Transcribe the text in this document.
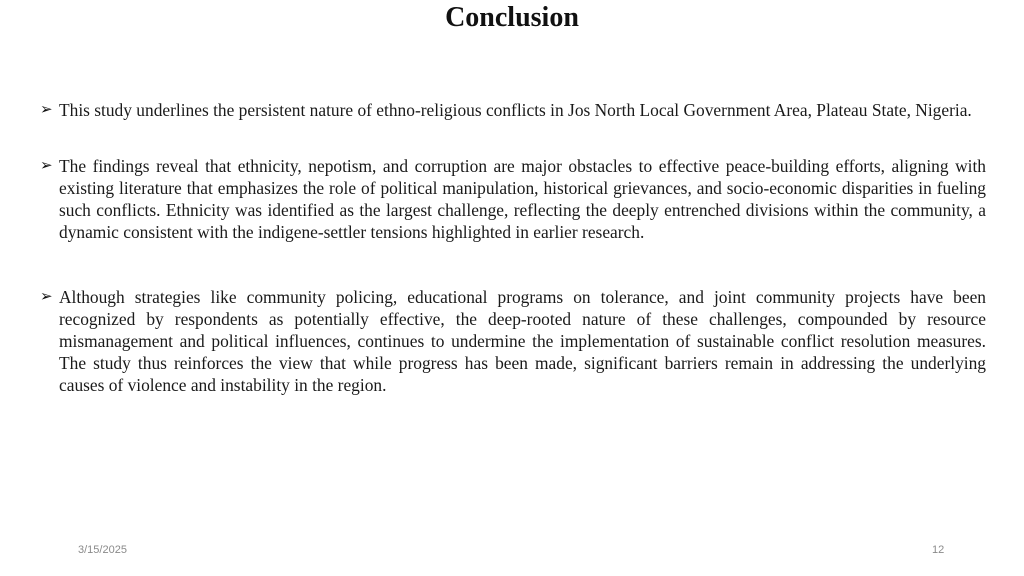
Conclusion
➢ This study underlines the persistent nature of ethno-religious conflicts in Jos North Local Government Area, Plateau State, Nigeria.
➢ The findings reveal that ethnicity, nepotism, and corruption are major obstacles to effective peace-building efforts, aligning with existing literature that emphasizes the role of political manipulation, historical grievances, and socio-economic disparities in fueling such conflicts. Ethnicity was identified as the largest challenge, reflecting the deeply entrenched divisions within the community, a dynamic consistent with the indigene-settler tensions highlighted in earlier research.
➢ Although strategies like community policing, educational programs on tolerance, and joint community projects have been recognized by respondents as potentially effective, the deep-rooted nature of these challenges, compounded by resource mismanagement and political influences, continues to undermine the implementation of sustainable conflict resolution measures. The study thus reinforces the view that while progress has been made, significant barriers remain in addressing the underlying causes of violence and instability in the region.
3/15/2025	12
